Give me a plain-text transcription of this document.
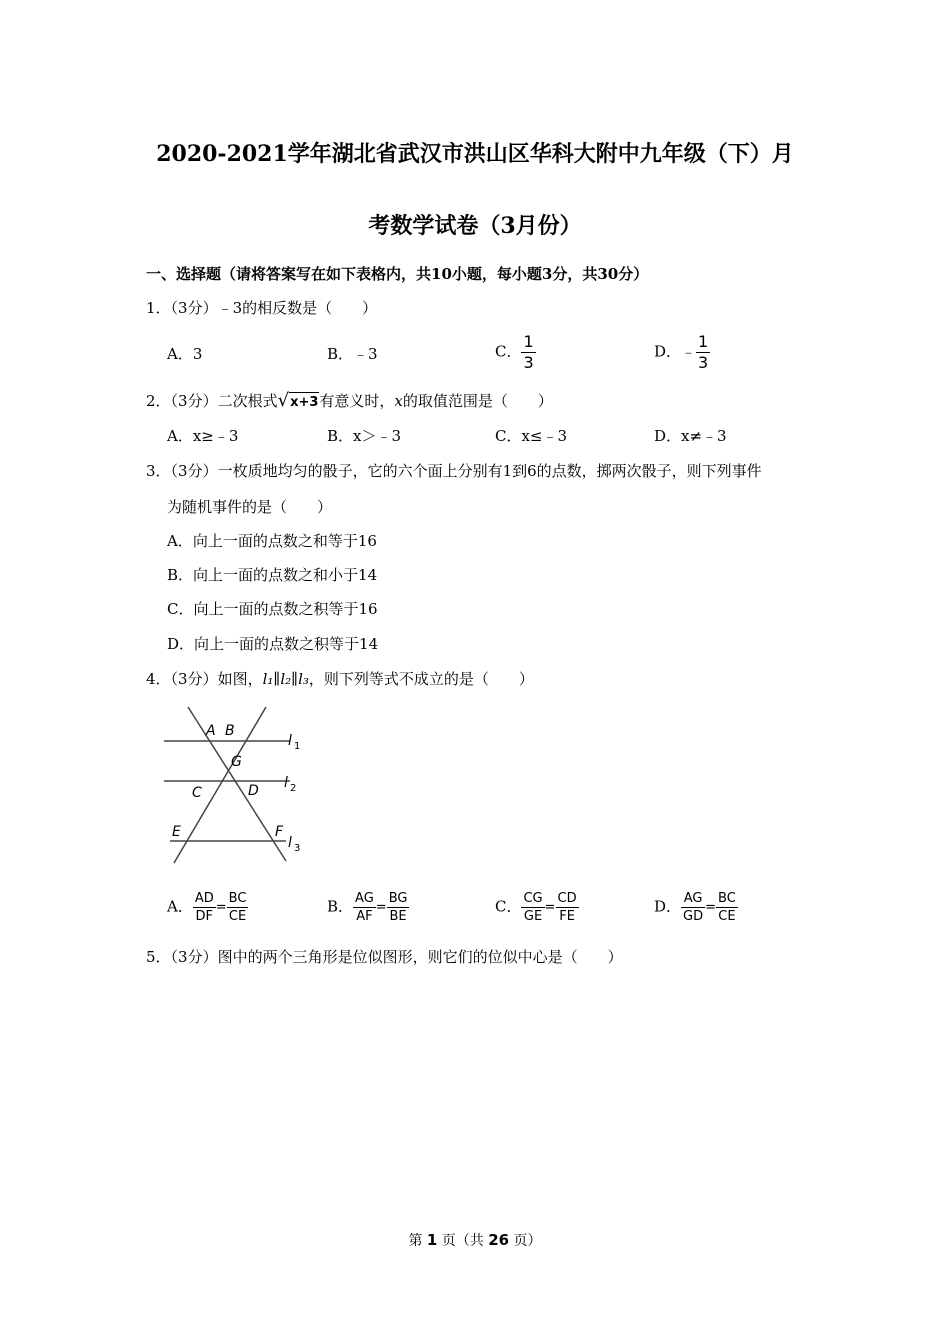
2020-2021学年湖北省武汉市洪山区华科大附中九年级（下）月
考数学试卷（3月份）
一、选择题（请将答案写在如下表格内，共10小题，每小题3分，共30分）
1．（3分）﹣3的相反数是（　　）
A．3	B．﹣3	C． $\frac{1}{3}$	D．﹣ $\frac{1}{3}$
2．（3分）二次根式√x+3有意义时，x的取值范围是（　　）
A．x≥﹣3	B．x＞﹣3	C．x≤﹣3	D．x≠﹣3
3．（3分）一枚质地均匀的骰子，它的六个面上分别有1到6的点数，掷两次骰子，则下列事件
为随机事件的是（　　）
A．向上一面的点数之和等于16
B．向上一面的点数之和小于14
C．向上一面的点数之积等于16
D．向上一面的点数之积等于14
4．（3分）如图，l₁∥l₂∥l₃，则下列等式不成立的是（　　）
A B
G
C	D
E	F
l 1
l 2
l 3
A． $\frac{AD}{DF} = \frac{BC}{CE}$	B． $\frac{AG}{AF} = \frac{BG}{BE}$	C． $\frac{CG}{GE} = \frac{CD}{FE}$	D． $\frac{AG}{GD} = \frac{BC}{CE}$
5．（3分）图中的两个三角形是位似图形，则它们的位似中心是（　　）
第 1 页（共 26 页）
